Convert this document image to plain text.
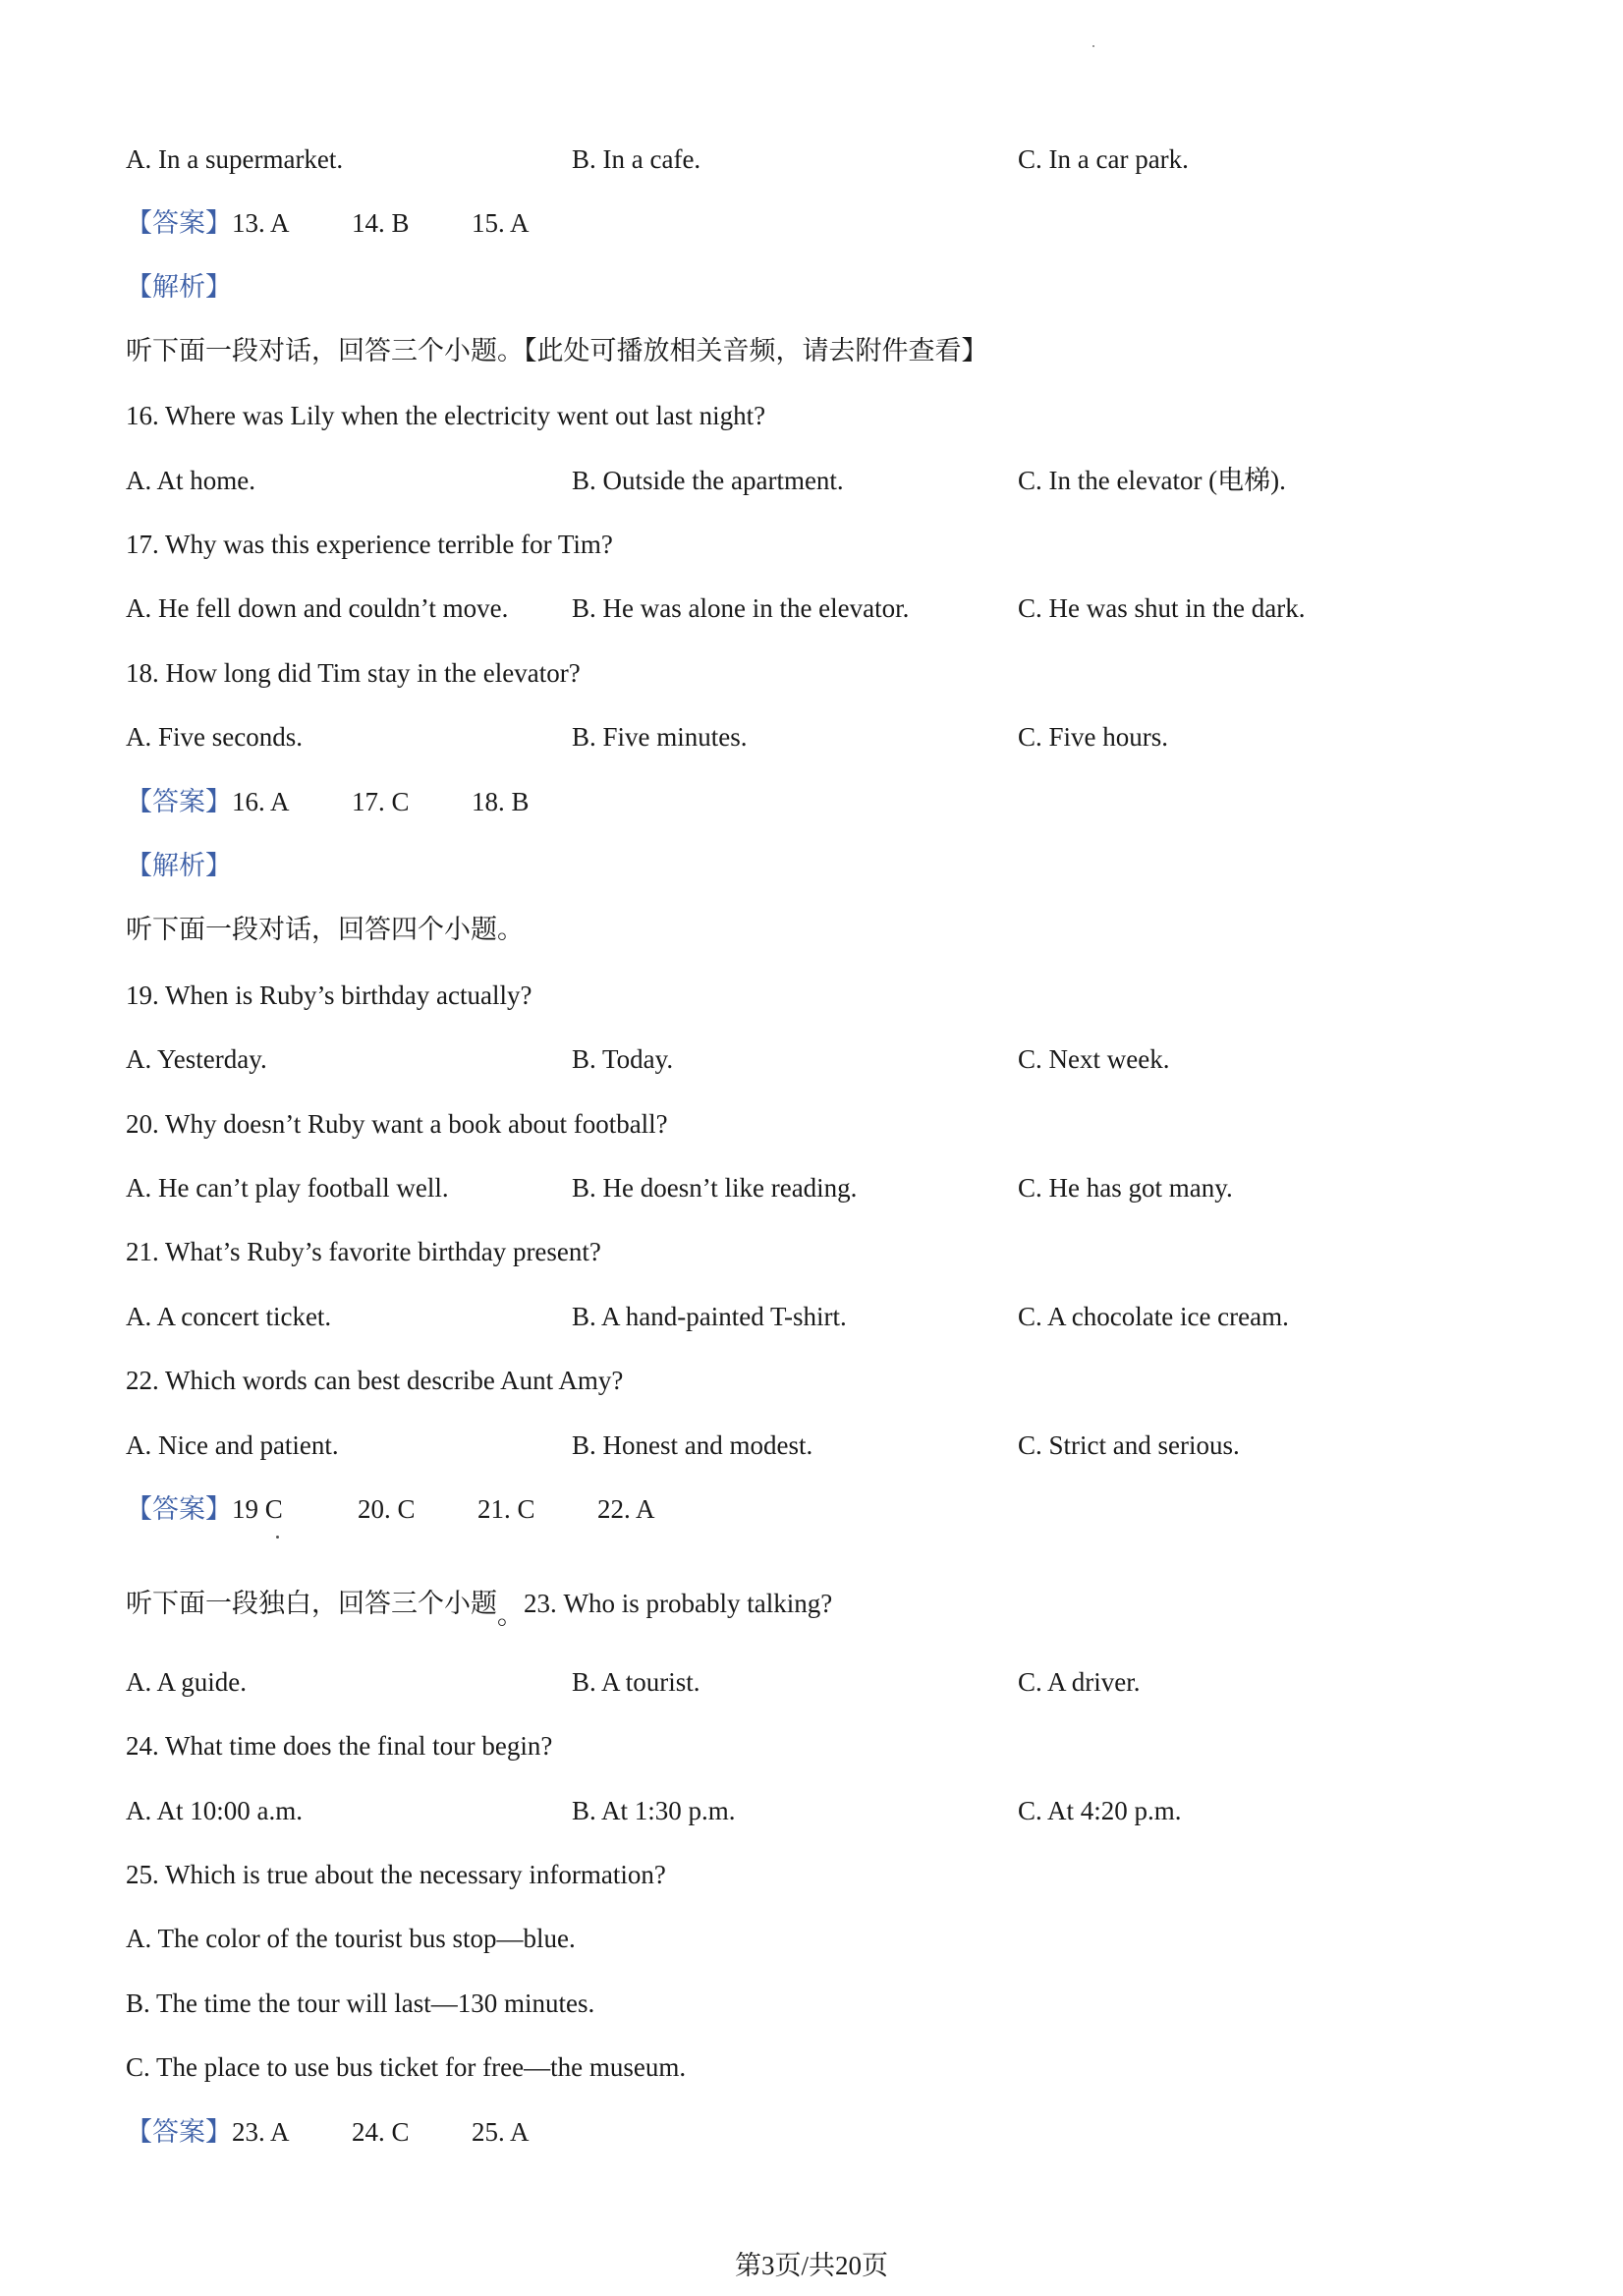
A. In a supermarket.	B. In a cafe.	C. In a car park.
【答案】13. A 14. B 15. A
【解析】
听下面一段对话，回答三个小题。【此处可播放相关音频，请去附件查看】
16. Where was Lily when the electricity went out last night?
A. At home.	B. Outside the apartment.	C. In the elevator (电梯).
17. Why was this experience terrible for Tim?
A. He fell down and couldn’t move. B. He was alone in the elevator.	C. He was shut in the dark.
18. How long did Tim stay in the elevator?
A. Five seconds.	B. Five minutes.	C. Five hours.
【答案】16. A 17. C 18. B
【解析】
听下面一段对话，回答四个小题。
19. When is Ruby’s birthday actually?
A. Yesterday.	B. Today.	C. Next week.
20. Why doesn’t Ruby want a book about football?
A. He can’t play football well.	B. He doesn’t like reading.	C. He has got many.
21. What’s Ruby’s favorite birthday present?
A. A concert ticket.	B. A hand-painted T-shirt.	C. A chocolate ice cream.
22. Which words can best describe Aunt Amy?
A. Nice and patient.	B. Honest and modest.	C. Strict and serious.
【答案】19 C	20. C 21. C 22. A
听下面一段独白，回答三个小题。23. Who is probably talking?
A. A guide.	B. A tourist.	C. A driver.
24. What time does the final tour begin?
A. At 10:00 a.m.	B. At 1:30 p.m.	C. At 4:20 p.m.
25. Which is true about the necessary information?
A. The color of the tourist bus stop—blue.
B. The time the tour will last—130 minutes.
C. The place to use bus ticket for free—the museum.
【答案】23. A 24. C 25. A
第3页/共20页
